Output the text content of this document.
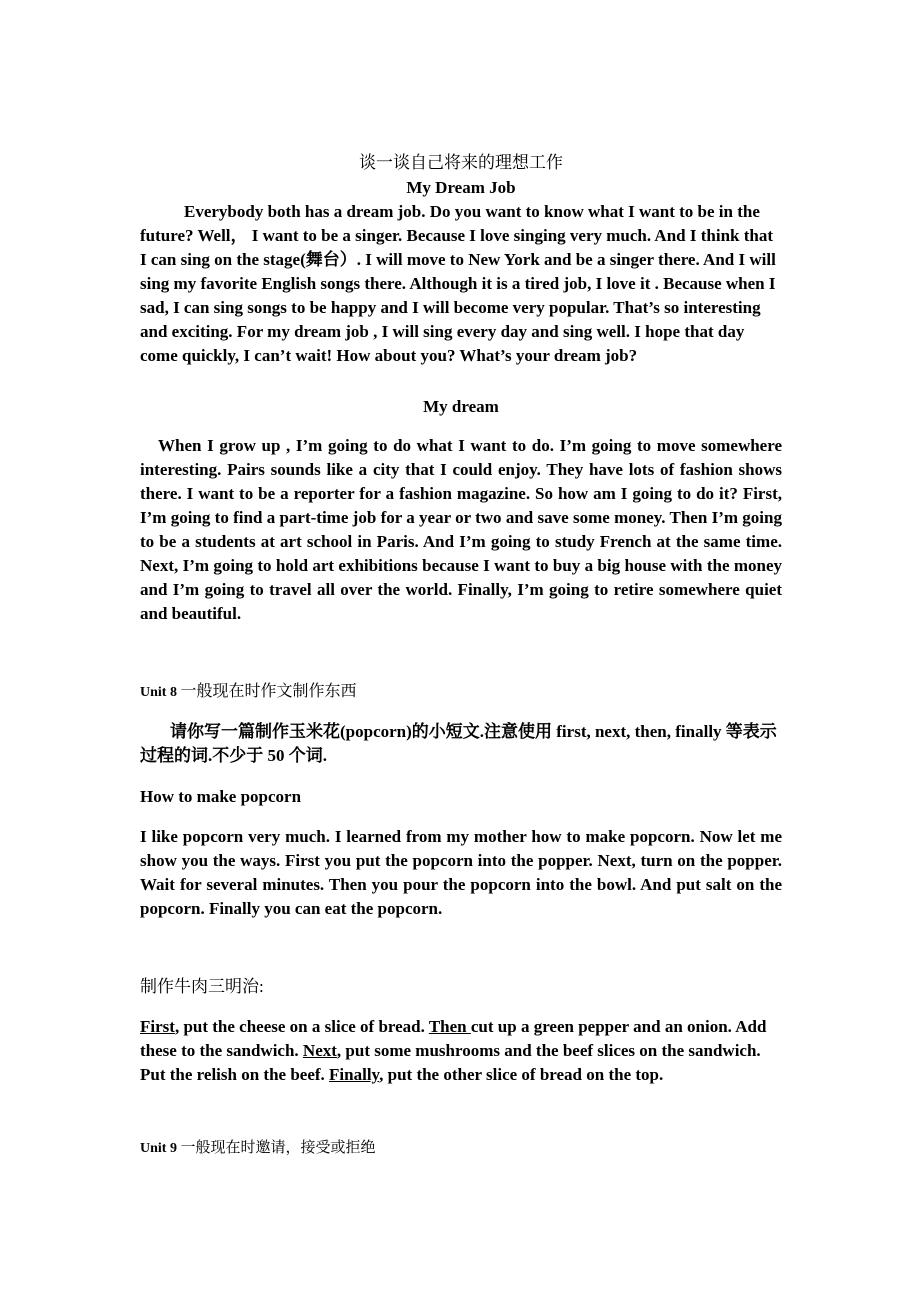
谈一谈自己将来的理想工作

My Dream Job

Everybody both has a dream job. Do you want to know what I want to be in the future? Well， I want to be a singer. Because I love singing very much. And I think that I can sing on the stage(舞台）. I will move to New York and be a singer there. And I will sing my favorite English songs there. Although it is a tired job, I love it . Because when I sad, I can sing songs to be happy and I will become very popular. That’s so interesting and exciting. For my dream job , I will sing every day and sing well. I hope that day come quickly, I can’t wait! How about you? What’s your dream job?

My dream

When I grow up , I’m going to do what I want to do. I’m going to move somewhere interesting. Pairs sounds like a city that I could enjoy. They have lots of fashion shows there. I want to be a reporter for a fashion magazine. So how am I going to do it? First, I’m going to find a part-time job for a year or two and save some money. Then I’m going to be a students at art school in Paris. And I’m going to study French at the same time. Next, I’m going to hold art exhibitions because I want to buy a big house with the money and I’m going to travel all over the world. Finally, I’m going to retire somewhere quiet and beautiful.

Unit 8 一般现在时作文制作东西

请你写一篇制作玉米花(popcorn)的小短文.注意使用 first, next, then, finally 等表示过程的词.不少于 50 个词.

How to make popcorn

I like popcorn very much. I learned from my mother how to make popcorn. Now let me show you the ways. First you put the popcorn into the popper. Next, turn on the popper. Wait for several minutes. Then you pour the popcorn into the bowl. And put salt on the popcorn. Finally you can eat the popcorn.

制作牛肉三明治:

First, put the cheese on a slice of bread. Then cut up a green pepper and an onion. Add these to the sandwich. Next, put some mushrooms and the beef slices on the sandwich. Put the relish on the beef. Finally, put the other slice of bread on the top.

Unit 9 一般现在时邀请，接受或拒绝
